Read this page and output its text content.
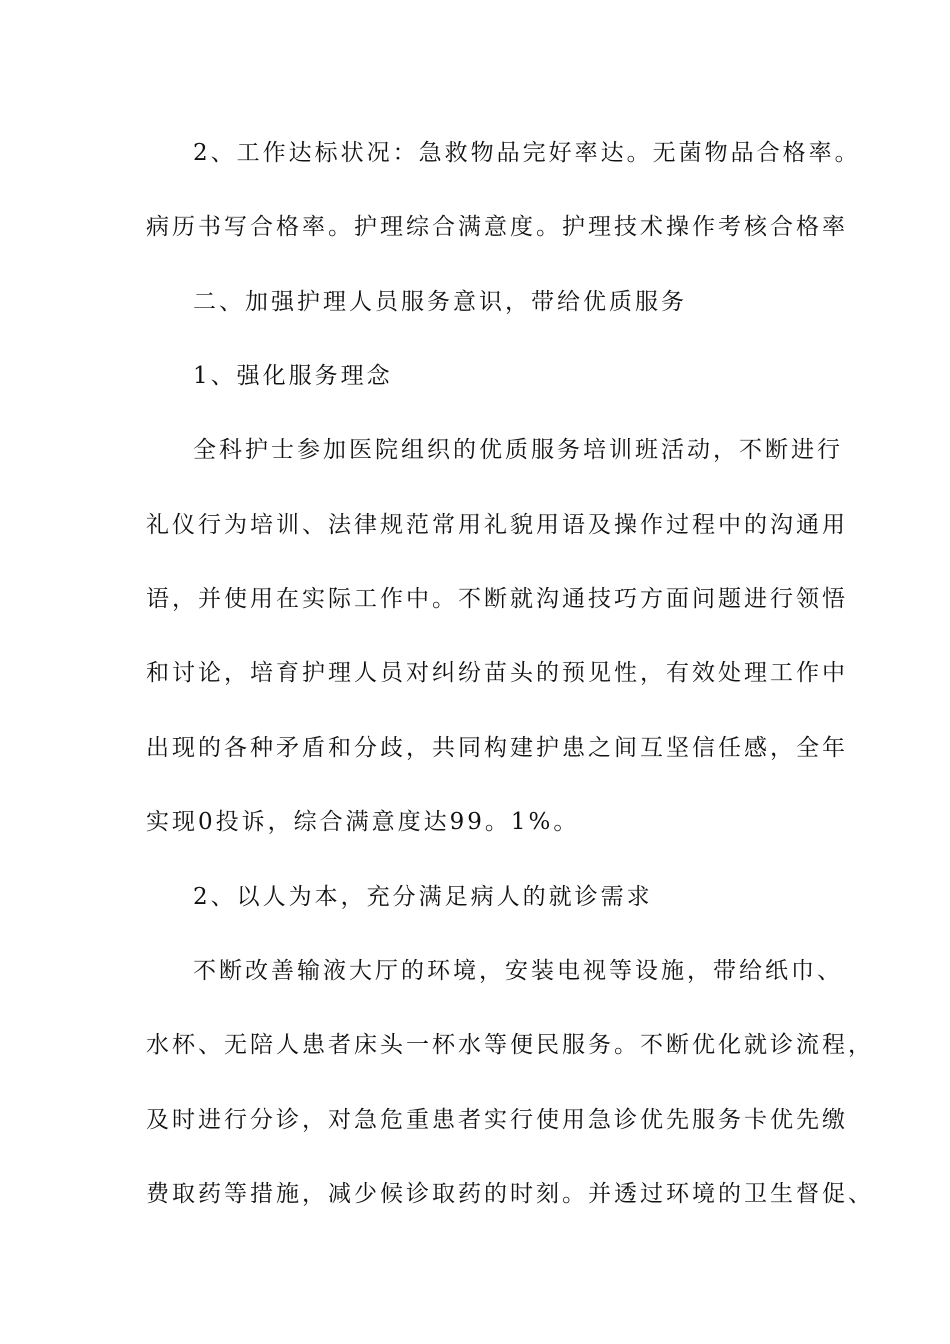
2、工作达标状况：急救物品完好率达。无菌物品合格率。
病历书写合格率。护理综合满意度。护理技术操作考核合格率
二、加强护理人员服务意识，带给优质服务
1、强化服务理念
全科护士参加医院组织的优质服务培训班活动，不断进行
礼仪行为培训、法律规范常用礼貌用语及操作过程中的沟通用
语，并使用在实际工作中。不断就沟通技巧方面问题进行领悟
和讨论，培育护理人员对纠纷苗头的预见性，有效处理工作中
出现的各种矛盾和分歧，共同构建护患之间互坚信任感，全年
实现0投诉，综合满意度达99。1%。
2、以人为本，充分满足病人的就诊需求
不断改善输液大厅的环境，安装电视等设施，带给纸巾、
水杯、无陪人患者床头一杯水等便民服务。不断优化就诊流程，
及时进行分诊，对急危重患者实行使用急诊优先服务卡优先缴
费取药等措施，减少候诊取药的时刻。并透过环境的卫生督促、
